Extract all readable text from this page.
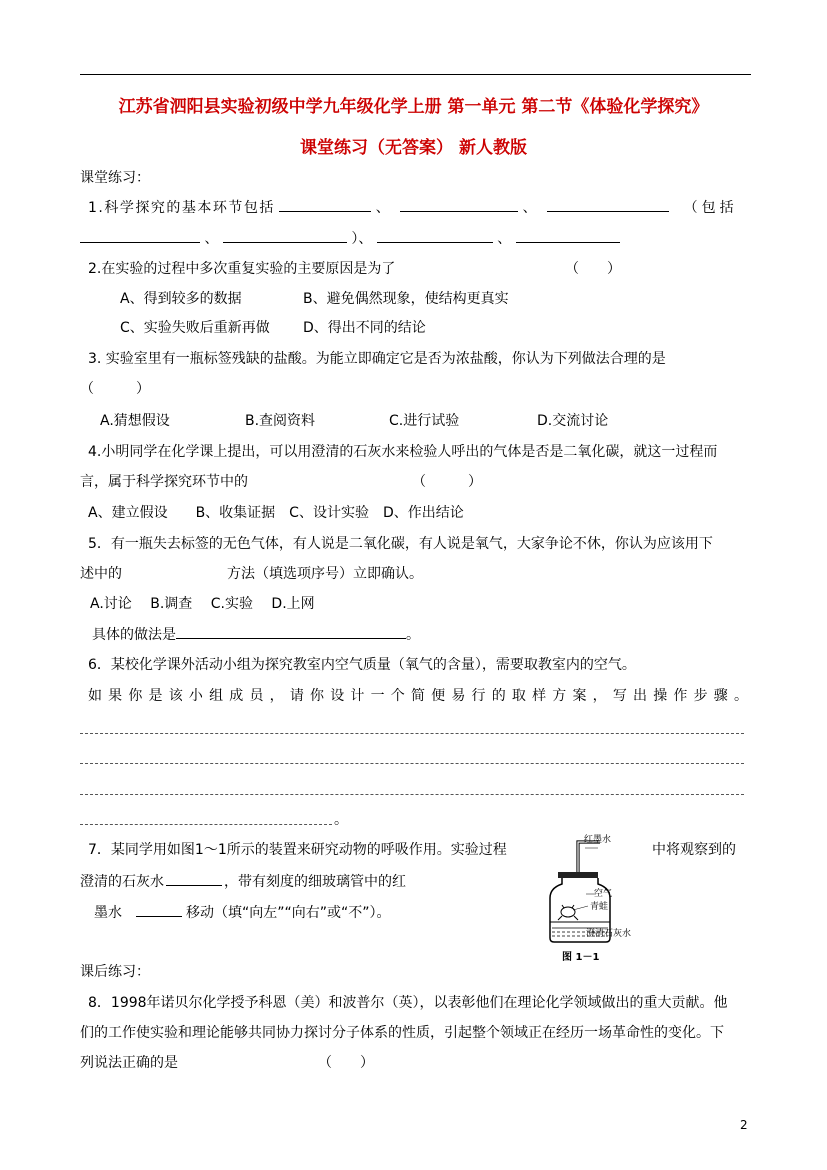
江苏省泗阳县实验初级中学九年级化学上册 第一单元 第二节《体验化学探究》
课堂练习（无答案） 新人教版
课堂练习：
1.科学探究的基本环节包括	、	、	（包括
、	）、	、
2.在实验的过程中多次重复实验的主要原因是为了	（　　）
A、得到较多的数据	B、避免偶然现象，使结构更真实
C、实验失败后重新再做 D、得出不同的结论
3. 实验室里有一瓶标签残缺的盐酸。为能立即确定它是否为浓盐酸，你认为下列做法合理的是
（　　　）
A.猜想假设	B.查阅资料	C.进行试验	D.交流讨论
4.小明同学在化学课上提出，可以用澄清的石灰水来检验人呼出的气体是否是二氧化碳，就这一过程而
言，属于科学探究环节中的	（　　　）
A、建立假设　　B、收集证据　C、设计实验　D、作出结论
5．有一瓶失去标签的无色气体，有人说是二氧化碳，有人说是氧气，大家争论不休，你认为应该用下
述中的	方法（填选项序号）立即确认。
A.讨论　 B.调查　 C.实验　 D.上网
具体的做法是	。
6．某校化学课外活动小组为探究教室内空气质量（氧气的含量），需要取教室内的空气。
如果你是该小组成员，请你设计一个简便易行的取样方案，写出操作步骤。
。
7．某同学用如图1～1所示的装置来研究动物的呼吸作用。实验过程	中将观察到的
澄清的石灰水	，带有刻度的细玻璃管中的红
墨水	移动（填“向左”“向右”或“不”）。
红墨水
空气
青蛙
澄清石灰水
图 1－1
课后练习：
8．1998年诺贝尔化学授予科恩（美）和波普尔（英），以表彰他们在理论化学领域做出的重大贡献。他
们的工作使实验和理论能够共同协力探讨分子体系的性质，引起整个领域正在经历一场革命性的变化。下
列说法正确的是	（　　）
2
